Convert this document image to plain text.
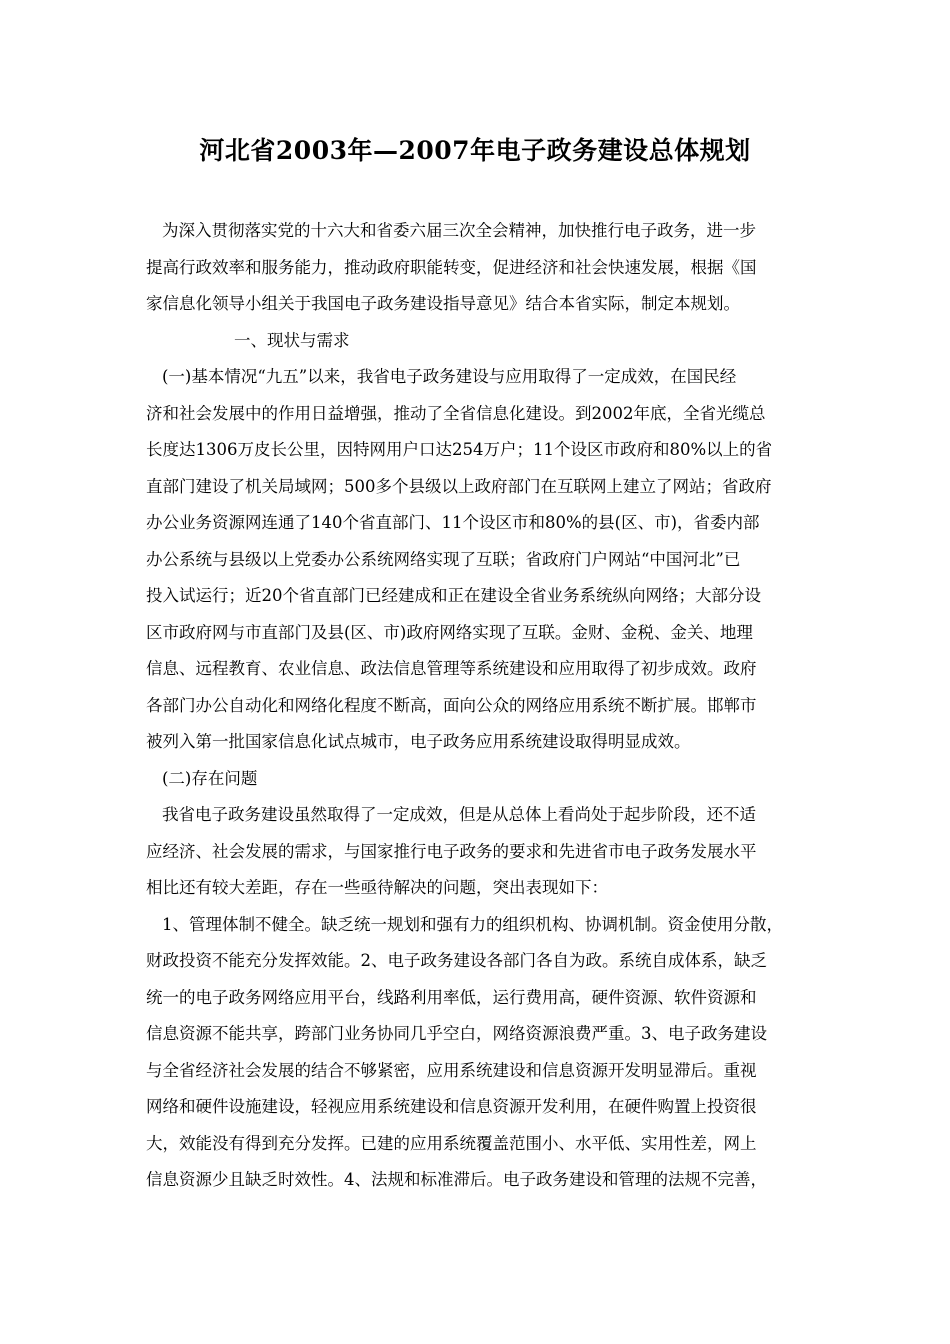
河北省2003年—2007年电子政务建设总体规划
为深入贯彻落实党的十六大和省委六届三次全会精神，加快推行电子政务，进一步
提高行政效率和服务能力，推动政府职能转变，促进经济和社会快速发展，根据《国
家信息化领导小组关于我国电子政务建设指导意见》结合本省实际，制定本规划。
一、现状与需求
(一)基本情况“九五”以来，我省电子政务建设与应用取得了一定成效，在国民经
济和社会发展中的作用日益增强，推动了全省信息化建设。到2002年底，全省光缆总
长度达1306万皮长公里，因特网用户口达254万户；11个设区市政府和80%以上的省
直部门建设了机关局域网；500多个县级以上政府部门在互联网上建立了网站；省政府
办公业务资源网连通了140个省直部门、11个设区市和80%的县(区、市)，省委内部
办公系统与县级以上党委办公系统网络实现了互联；省政府门户网站“中国河北”已
投入试运行；近20个省直部门已经建成和正在建设全省业务系统纵向网络；大部分设
区市政府网与市直部门及县(区、市)政府网络实现了互联。金财、金税、金关、地理
信息、远程教育、农业信息、政法信息管理等系统建设和应用取得了初步成效。政府
各部门办公自动化和网络化程度不断高，面向公众的网络应用系统不断扩展。邯郸市
被列入第一批国家信息化试点城市，电子政务应用系统建设取得明显成效。
(二)存在问题
我省电子政务建设虽然取得了一定成效，但是从总体上看尚处于起步阶段，还不适
应经济、社会发展的需求，与国家推行电子政务的要求和先进省市电子政务发展水平
相比还有较大差距，存在一些亟待解决的问题，突出表现如下：
1、管理体制不健全。缺乏统一规划和强有力的组织机构、协调机制。资金使用分散，
财政投资不能充分发挥效能。2、电子政务建设各部门各自为政。系统自成体系，缺乏
统一的电子政务网络应用平台，线路利用率低，运行费用高，硬件资源、软件资源和
信息资源不能共享，跨部门业务协同几乎空白，网络资源浪费严重。3、电子政务建设
与全省经济社会发展的结合不够紧密，应用系统建设和信息资源开发明显滞后。重视
网络和硬件设施建设，轻视应用系统建设和信息资源开发利用，在硬件购置上投资很
大，效能没有得到充分发挥。已建的应用系统覆盖范围小、水平低、实用性差，网上
信息资源少且缺乏时效性。4、法规和标准滞后。电子政务建设和管理的法规不完善，
